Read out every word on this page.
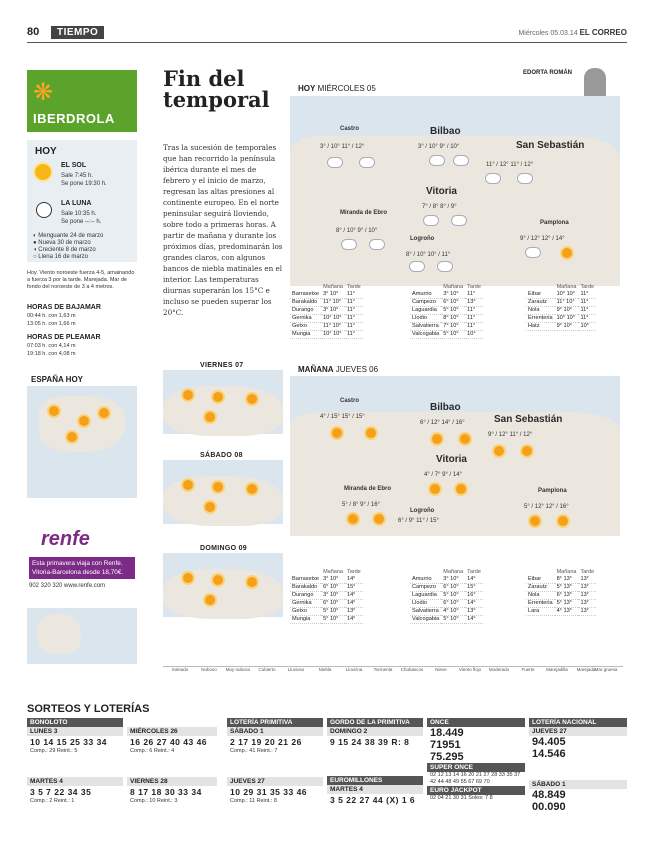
80	TIEMPO	Miércoles 05.03.14 EL CORREO
❋
IBERDROLA
HOY
EL SOL
Sale 7:45 h.
Se pone 19:30 h.
LA LUNA
Sale 10:35 h.
Se pone --:-- h.
◐ Menguante 24 de marzo
● Nueva 30 de marzo
◑ Creciente 8 de marzo
○ Llena 16 de marzo
Hoy. Viento noroeste fuerza 4-5, amainando a fuerza 3 por la tarde. Marejada. Mar de fondo del noroeste de 3 a 4 metros.
HORAS DE BAJAMAR
00:44 h. con 1,63 m
13:05 h. con 1,66 m
HORAS DE PLEAMAR
07:03 h. con 4,14 m
19:18 h. con 4,08 m
ESPAÑA HOY
renfe
Esta primavera viaja con Renfe. Vitoria-Barcelona desde 18,70€.
902 320 320 www.renfe.com
Fin del temporal
Tras la sucesión de temporales que han recorrido la península ibérica durante el mes de febrero y el inicio de marzo, regresan las altas presiones al continente europeo. En el norte peninsular seguirá lloviendo, sobre todo a primeras horas. A partir de mañana y durante los próximos días, predominarán los grandes claros, con algunos bancos de niebla matinales en el interior. Las temperaturas diurnas superarán los 15°C e incluso se pueden superar los 20°C.
EDORTA ROMÁN
HOY MIÉRCOLES 05
Castro
3° / 10° 11° / 12°
Bilbao
3° / 10° 9° / 10°	San Sebastián
11° / 12° 11° / 12°
Vitoria
7° / 8° 8° / 9°
Miranda de Ebro
8° / 10° 9° / 10°
Logroño
8° / 10° 10° / 11°
Pamplona
9° / 12° 12° / 14°
	Mañana	Tarde
Barrasetxe	3° 10°	11°
Barakaldo	11° 10°	11°
Durango	3° 10°	11°
Gernika	10° 10°	11°
Getxo	11° 10°	11°
Mungia	10° 10°	11°
	Mañana	Tarde
Amurrio	3° 10°	11°
Campezo	6° 10°	13°
Laguardia	5° 10°	11°
Llodio	8° 10°	11°
Salvatierra	7° 10°	11°
Valcogabia	5° 10°	10°
	Mañana	Tarde
Eibar	10° 10°	11°
Zarautz	11° 10°	11°
Nola	9° 10°	11°
Errenteria	10° 10°	11°
Hatz	9° 10°	10°
VIERNES 07
SÁBADO 08
DOMINGO 09
MAÑANA JUEVES 06
Castro
4° / 15° 15° / 15°
Bilbao
6° / 12° 14° / 16°	San Sebastián
9° / 12° 11° / 12°
Vitoria
4° / 7° 9° / 14°
Miranda de Ebro
5° / 8° 9° / 16°
Logroño
6° / 9° 11° / 15°
Pamplona
5° / 12° 12° / 16°
	Mañana	Tarde
Barrasetxe	3° 10°	14°
Barakaldo	6° 10°	15°
Durango	3° 10°	14°
Gernika	6° 10°	14°
Getxo	5° 10°	13°
Mungia	5° 10°	14°
	Mañana	Tarde
Amurrio	3° 10°	14°
Campezo	6° 10°	15°
Laguardia	5° 10°	16°
Llodio	6° 10°	14°
Salvatierra	4° 10°	13°
Valcogabia	5° 10°	14°
	Mañana	Tarde
Eibar	8° 13°	13°
Zarautz	5° 13°	13°
Nola	6° 13°	13°
Errenteria	5° 13°	13°
Lara	4° 13°	13°
Soleado	Nuboso	Muy nuboso	Cubierto	Lluvioso	Niebla	Llovizna	Tormenta	Chubascos	Nieve	Viento flojo	Moderado	Fuerte	Marejadilla	Marejada Mar gruesa
SORTEOS Y LOTERÍAS
BONOLOTO
LUNES 3
10 14 15 25 33 34
Comp.: 29 Reint.: 5
MARTES 4
3 5 7 22 34 35
Comp.: 2 Reint.: 1
MIÉRCOLES 26
16 26 27 40 43 46
Comp.: 6 Reint.: 4
VIERNES 28
8 17 18 30 33 34
Comp.: 10 Reint.: 3
LOTERÍA PRIMITIVA
SÁBADO 1
2 17 19 20 21 26
Comp.: 41 Reint.: 7
JUEVES 27
10 29 31 35 33 46
Comp.: 11 Reint.: 8
GORDO DE LA PRIMITIVA
DOMINGO 2
9 15 24 38 39 R: 8
EUROMILLONES
MARTES 4
3 5 22 27 44 (X) 1 6
ONCE
18.449
71951
75.295
SUPER ONCE
02 12 13 14 16 20 21 27 28 33 35 37 42 44 48 49 55 67 69 70
EURO JACKPOT
02 04 21 30 31 Soles: 7 8
LOTERÍA NACIONAL
JUEVES 27
94.405
14.546
SÁBADO 1
48.849
00.090
